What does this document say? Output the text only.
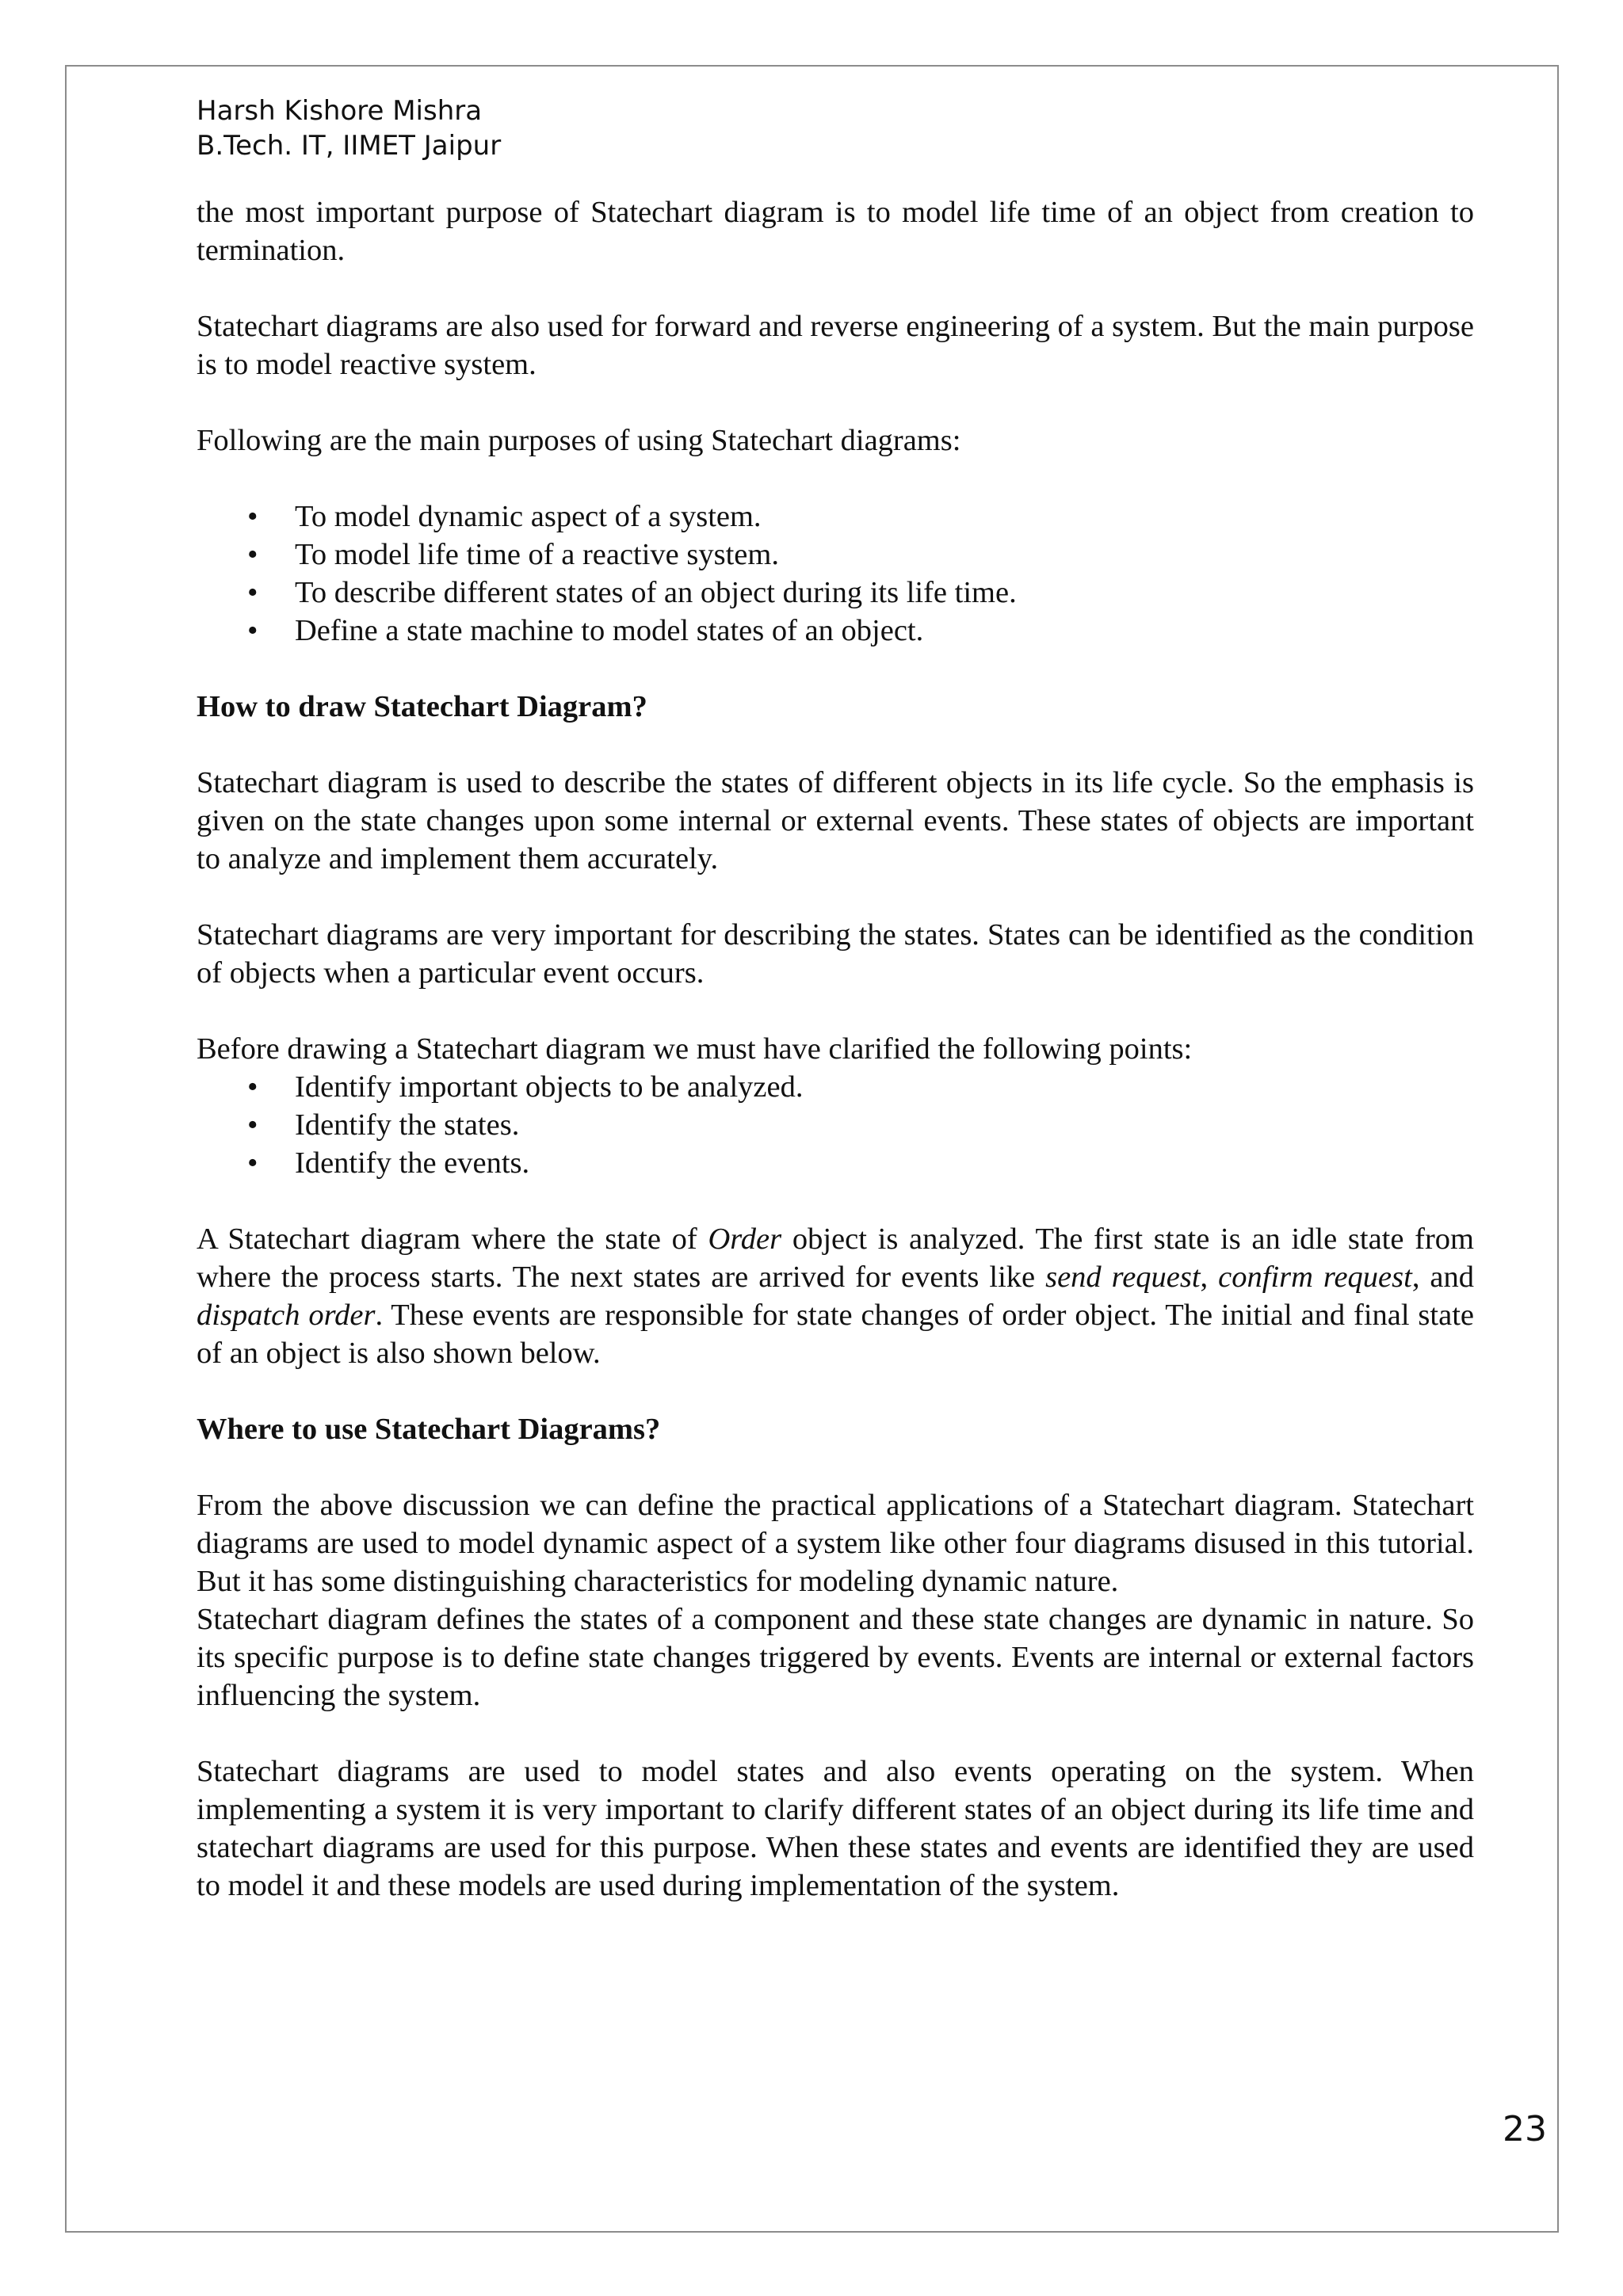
Harsh Kishore Mishra
B.Tech. IT, IIMET Jaipur

the most important purpose of Statechart diagram is to model life time of an object from creation to termination.

Statechart diagrams are also used for forward and reverse engineering of a system. But the main purpose is to model reactive system.

Following are the main purposes of using Statechart diagrams:

• To model dynamic aspect of a system.
• To model life time of a reactive system.
• To describe different states of an object during its life time.
• Define a state machine to model states of an object.
How to draw Statechart Diagram?

Statechart diagram is used to describe the states of different objects in its life cycle. So the emphasis is given on the state changes upon some internal or external events. These states of objects are important to analyze and implement them accurately.

Statechart diagrams are very important for describing the states. States can be identified as the condition of objects when a particular event occurs.

Before drawing a Statechart diagram we must have clarified the following points:

• Identify important objects to be analyzed.
• Identify the states.
• Identify the events.

A Statechart diagram where the state of Order object is analyzed. The first state is an idle state from where the process starts. The next states are arrived for events like send request, confirm request, and dispatch order. These events are responsible for state changes of order object. The initial and final state of an object is also shown below.

Where to use Statechart Diagrams?

From the above discussion we can define the practical applications of a Statechart diagram. Statechart diagrams are used to model dynamic aspect of a system like other four diagrams disused in this tutorial. But it has some distinguishing characteristics for modeling dynamic nature.

Statechart diagram defines the states of a component and these state changes are dynamic in nature. So its specific purpose is to define state changes triggered by events. Events are internal or external factors influencing the system.

Statechart diagrams are used to model states and also events operating on the system. When implementing a system it is very important to clarify different states of an object during its life time and statechart diagrams are used for this purpose. When these states and events are identified they are used to model it and these models are used during implementation of the system.

23
